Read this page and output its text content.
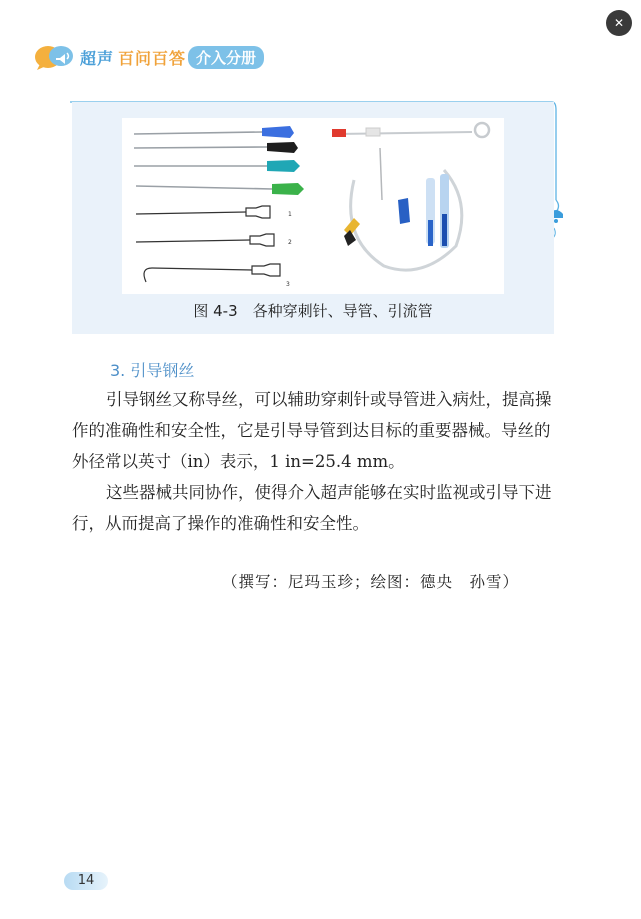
✕
超声 百问百答 介入分册
1
2
3
图 4-3　各种穿刺针、导管、引流管
3. 引导钢丝
引导钢丝又称导丝，可以辅助穿刺针或导管进入病灶，提高操作的准确性和安全性，它是引导导管到达目标的重要器械。导丝的外径常以英寸（in）表示，1 in=25.4 mm。
这些器械共同协作，使得介入超声能够在实时监视或引导下进行，从而提高了操作的准确性和安全性。
（撰写：尼玛玉珍；绘图：德央　孙雪）
14
